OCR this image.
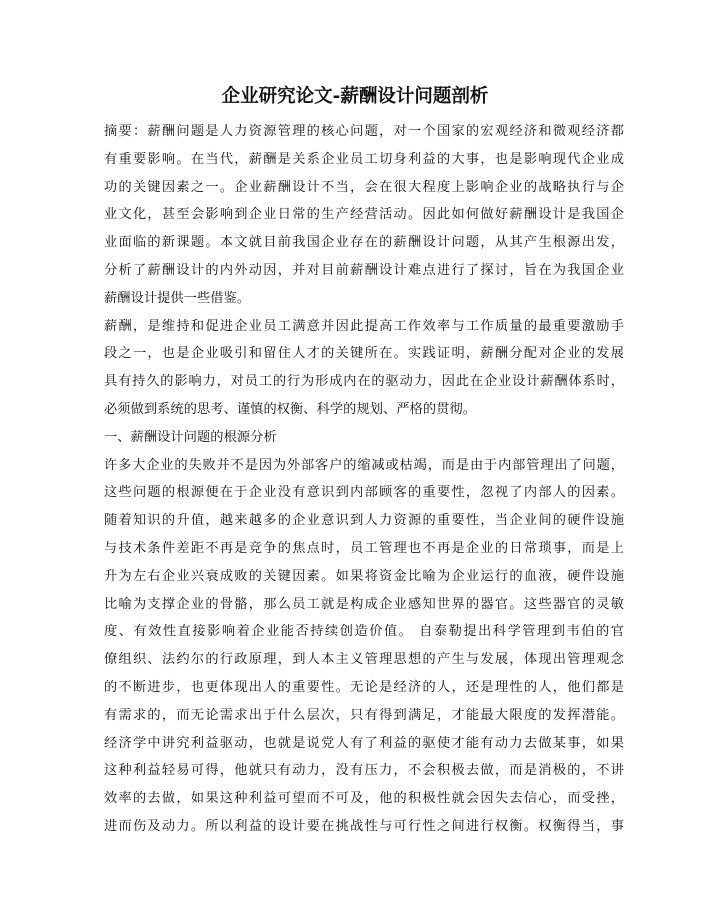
企业研究论文-薪酬设计问题剖析
摘要：薪酬问题是人力资源管理的核心问题，对一个国家的宏观经济和微观经济都
有重要影响。在当代，薪酬是关系企业员工切身利益的大事，也是影响现代企业成
功的关键因素之一。企业薪酬设计不当，会在很大程度上影响企业的战略执行与企
业文化，甚至会影响到企业日常的生产经营活动。因此如何做好薪酬设计是我国企
业面临的新课题。本文就目前我国企业存在的薪酬设计问题，从其产生根源出发，
分析了薪酬设计的内外动因，并对目前薪酬设计难点进行了探讨，旨在为我国企业
薪酬设计提供一些借鉴。
薪酬，是维持和促进企业员工满意并因此提高工作效率与工作质量的最重要激励手
段之一，也是企业吸引和留住人才的关键所在。实践证明，薪酬分配对企业的发展
具有持久的影响力，对员工的行为形成内在的驱动力，因此在企业设计薪酬体系时，
必须做到系统的思考、谨慎的权衡、科学的规划、严格的贯彻。
一、薪酬设计问题的根源分析
许多大企业的失败并不是因为外部客户的缩减或枯竭，而是由于内部管理出了问题，
这些问题的根源便在于企业没有意识到内部顾客的重要性，忽视了内部人的因素。
随着知识的升值，越来越多的企业意识到人力资源的重要性，当企业间的硬件设施
与技术条件差距不再是竞争的焦点时，员工管理也不再是企业的日常琐事，而是上
升为左右企业兴衰成败的关键因素。如果将资金比喻为企业运行的血液，硬件设施
比喻为支撑企业的骨骼，那么员工就是构成企业感知世界的器官。这些器官的灵敏
度、有效性直接影响着企业能否持续创造价值。 自泰勒提出科学管理到韦伯的官
僚组织、法约尔的行政原理，到人本主义管理思想的产生与发展，体现出管理观念
的不断进步，也更体现出人的重要性。无论是经济的人，还是理性的人，他们都是
有需求的，而无论需求出于什么层次，只有得到满足，才能最大限度的发挥潜能。
经济学中讲究利益驱动，也就是说党人有了利益的驱使才能有动力去做某事，如果
这种利益轻易可得，他就只有动力，没有压力，不会积极去做，而是消极的，不讲
效率的去做，如果这种利益可望而不可及，他的积极性就会因失去信心，而受挫，
进而伤及动力。所以利益的设计要在挑战性与可行性之间进行权衡。权衡得当，事
